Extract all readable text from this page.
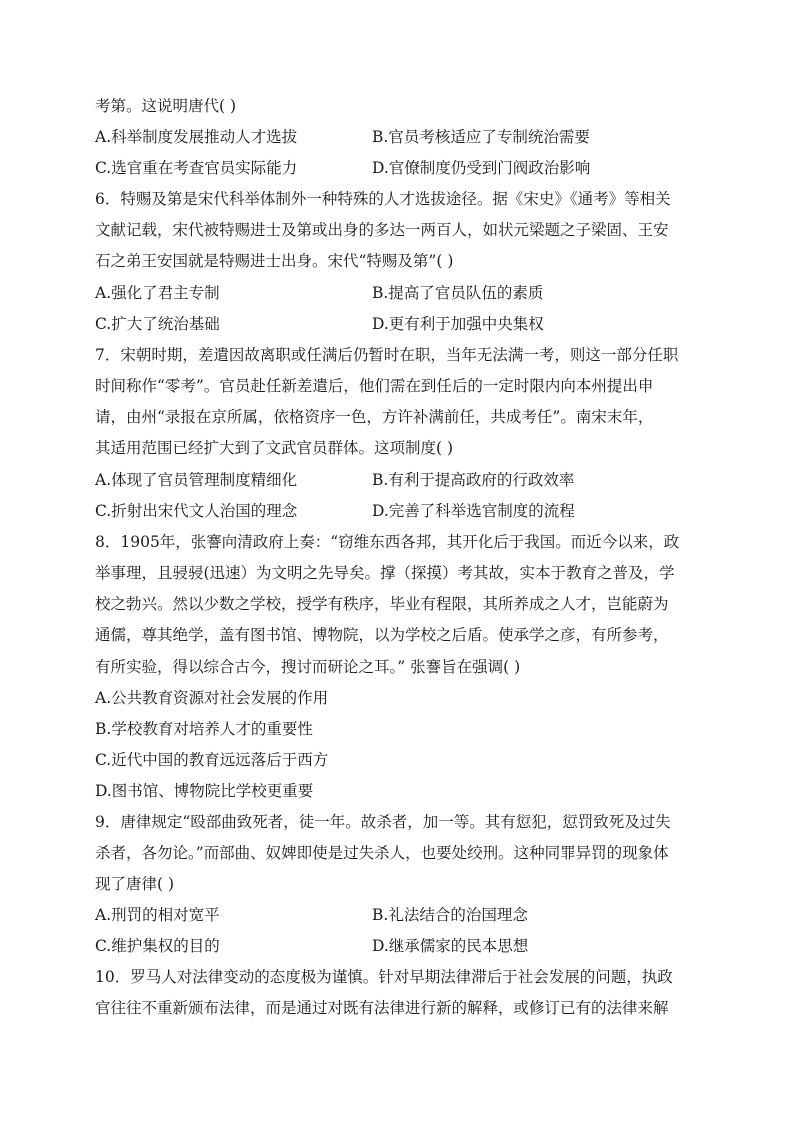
考第。这说明唐代( )
A.科举制度发展推动人才选拔	B.官员考核适应了专制统治需要
C.选官重在考查官员实际能力	D.官僚制度仍受到门阀政治影响
6．特赐及第是宋代科举体制外一种特殊的人才选拔途径。据《宋史》《通考》等相关
文献记载，宋代被特赐进士及第或出身的多达一两百人，如状元梁题之子梁固、王安
石之弟王安国就是特赐进士出身。宋代“特赐及第”( )
A.强化了君主专制	B.提高了官员队伍的素质
C.扩大了统治基础	D.更有利于加强中央集权
7．宋朝时期，差遣因故离职或任满后仍暂时在职，当年无法满一考，则这一部分任职
时间称作“零考”。官员赴任新差遣后，他们需在到任后的一定时限内向本州提出申
请，由州“录报在京所属，依格资序一色，方许补满前任，共成考任”。南宋末年，
其适用范围已经扩大到了文武官员群体。这项制度( )
A.体现了官员管理制度精细化	B.有利于提高政府的行政效率
C.折射出宋代文人治国的理念	D.完善了科举选官制度的流程
8．1905年，张謇向清政府上奏：“窃维东西各邦，其开化后于我国。而近今以来，政
举事理，且骎骎(迅速）为文明之先导矣。撑（探摸）考其故，实本于教育之普及，学
校之勃兴。然以少数之学校，授学有秩序，毕业有程限，其所养成之人才，岂能蔚为
通儒，尊其绝学，盖有图书馆、博物院，以为学校之后盾。使承学之彦，有所参考，
有所实验，得以综合古今，搜讨而研论之耳。” 张謇旨在强调( )
A.公共教育资源对社会发展的作用
B.学校教育对培养人才的重要性
C.近代中国的教育远远落后于西方
D.图书馆、博物院比学校更重要
9．唐律规定“殴部曲致死者，徒一年。故杀者，加一等。其有愆犯，愆罚致死及过失
杀者，各勿论。”而部曲、奴婢即使是过失杀人，也要处绞刑。这种同罪异罚的现象体
现了唐律( )
A.刑罚的相对宽平	B.礼法结合的治国理念
C.维护集权的目的	D.继承儒家的民本思想
10．罗马人对法律变动的态度极为谨慎。针对早期法律滞后于社会发展的问题，执政
官往往不重新颁布法律，而是通过对既有法律进行新的解释，或修订已有的法律来解
